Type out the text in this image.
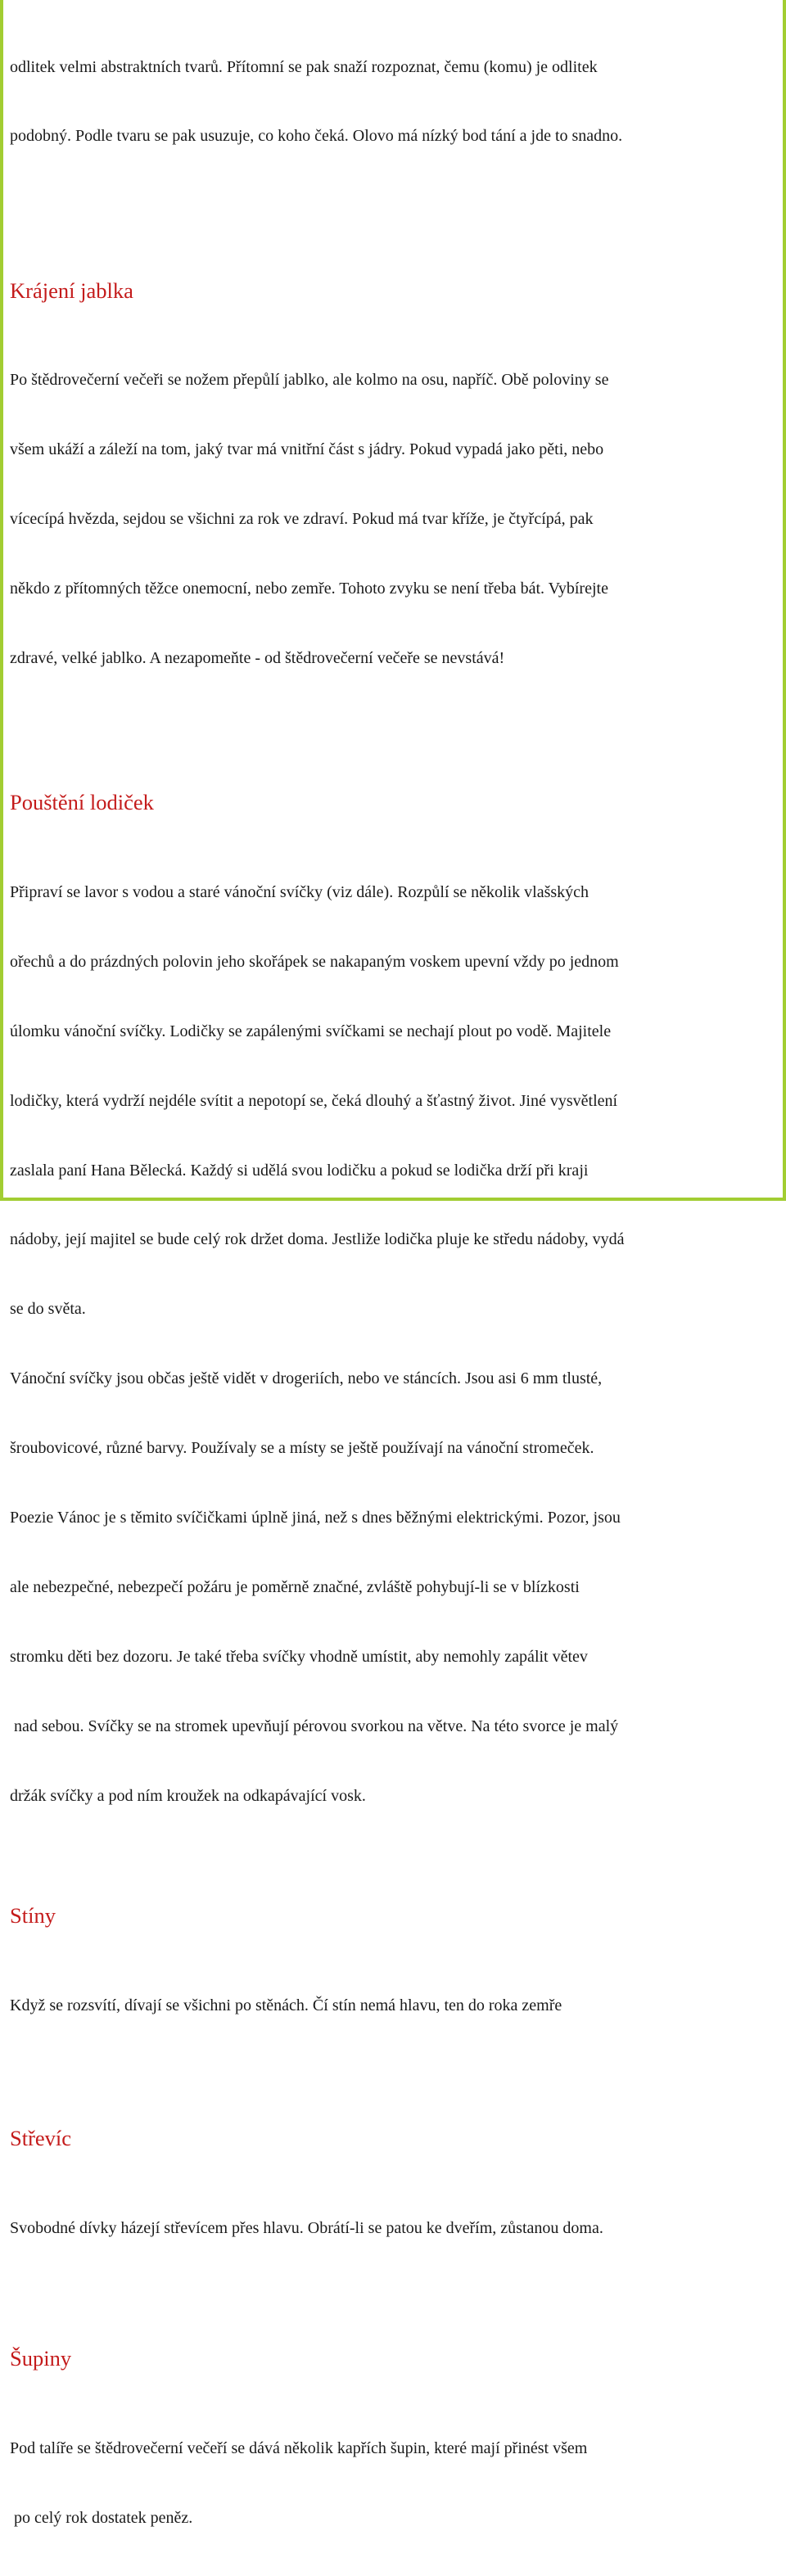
odlitek velmi abstraktních tvarů. Přítomní se pak snaží rozpoznat, čemu (komu) je odlitek

podobný. Podle tvaru se pak usuzuje, co koho čeká. Olovo má nízký bod tání a jde to snadno.

Krájení jablka

Po štědrovečerní večeři se nožem přepůlí jablko, ale kolmo na osu, napříč. Obě poloviny se

všem ukáží a záleží na tom, jaký tvar má vnitřní část s jádry. Pokud vypadá jako pěti, nebo

vícecípá hvězda, sejdou se všichni za rok ve zdraví. Pokud má tvar kříže, je čtyřcípá, pak

někdo z přítomných těžce onemocní, nebo zemře. Tohoto zvyku se není třeba bát. Vybírejte

zdravé, velké jablko. A nezapomeňte - od štědrovečerní večeře se nevstává!

Pouštění lodiček

Připraví se lavor s vodou a staré vánoční svíčky (viz dále). Rozpůlí se několik vlašských

ořechů a do prázdných polovin jeho skořápek se nakapaným voskem upevní vždy po jednom

úlomku vánoční svíčky. Lodičky se zapálenými svíčkami se nechají plout po vodě. Majitele

lodičky, která vydrží nejdéle svítit a nepotopí se, čeká dlouhý a šťastný život. Jiné vysvětlení

zaslala paní Hana Bělecká. Každý si udělá svou lodičku a pokud se lodička drží při kraji

nádoby, její majitel se bude celý rok držet doma. Jestliže lodička pluje ke středu nádoby, vydá

se do světa.

Vánoční svíčky jsou občas ještě vidět v drogeriích, nebo ve stáncích. Jsou asi 6 mm tlusté,

šroubovicové, různé barvy. Používaly se a místy se ještě používají na vánoční stromeček.

Poezie Vánoc je s těmito svíčičkami úplně jiná, než s dnes běžnými elektrickými. Pozor, jsou

ale nebezpečné, nebezpečí požáru je poměrně značné, zvláště pohybují-li se v blízkosti

stromku děti bez dozoru. Je také třeba svíčky vhodně umístit, aby nemohly zapálit větev

nad sebou. Svíčky se na stromek upevňují pérovou svorkou na větve. Na této svorce je malý

držák svíčky a pod ním kroužek na odkapávající vosk.

Stíny

Když se rozsvítí, dívají se všichni po stěnách. Čí stín nemá hlavu, ten do roka zemře

Střevíc

Svobodné dívky házejí střevícem přes hlavu. Obrátí-li se patou ke dveřím, zůstanou doma.

Šupiny

Pod talíře se štědrovečerní večeří se dává několik kapřích šupin, které mají přinést všem

po celý rok dostatek peněz.
